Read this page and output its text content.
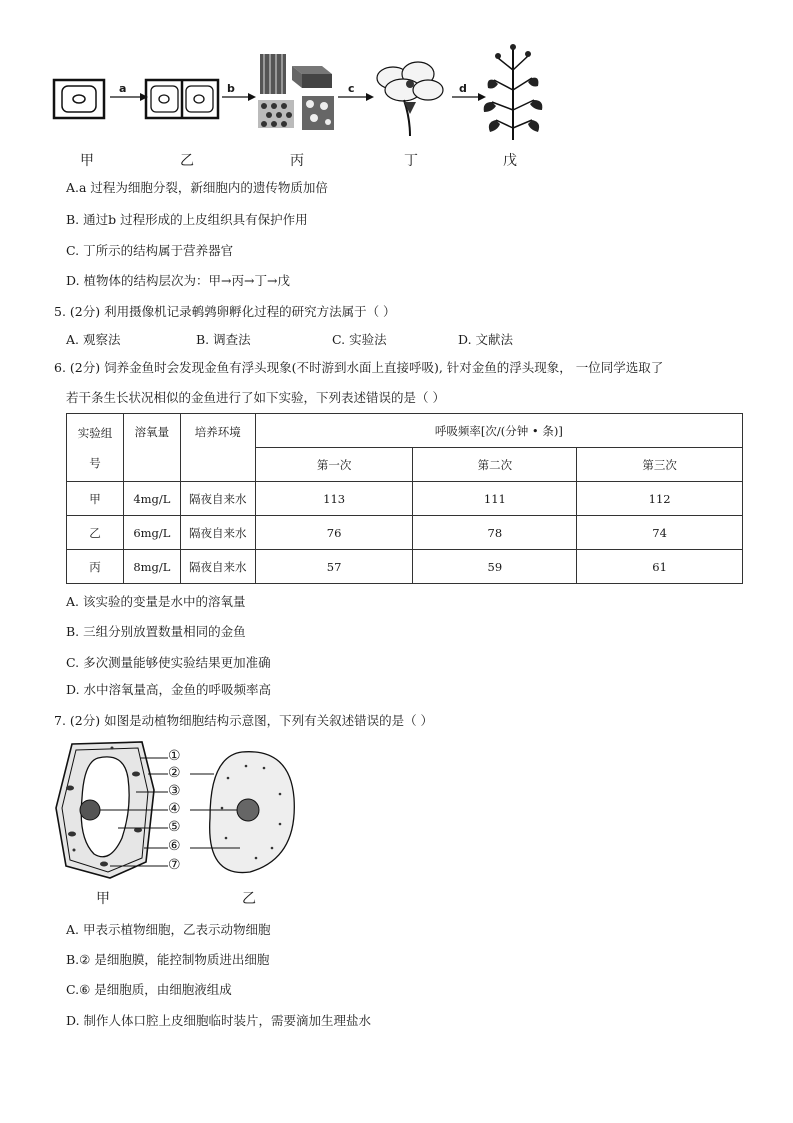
a	b	c	d
甲	乙	丙	丁	戊
A.a 过程为细胞分裂，新细胞内的遗传物质加倍
B. 通过b 过程形成的上皮组织具有保护作用
C. 丁所示的结构属于营养器官
D. 植物体的结构层次为：甲→丙→丁→戊
5. (2分) 利用摄像机记录鹌鹑卵孵化过程的研究方法属于（ ）
A. 观察法	B. 调查法	C. 实验法	D. 文献法
6. (2分) 饲养金鱼时会发现金鱼有浮头现象(不时游到水面上直接呼吸), 针对金鱼的浮头现象， 一位同学选取了
若干条生长状况相似的金鱼进行了如下实验，下列表述错误的是（ ）
实验组
号	溶氧量	培养环境	呼吸频率[次/(分钟 • 条)]		
			第一次	第二次	第三次
甲	4mg/L	隔夜自来水	113	111	112
乙	6mg/L	隔夜自来水	76	78	74
丙	8mg/L	隔夜自来水	57	59	61
A. 该实验的变量是水中的溶氧量
B. 三组分别放置数量相同的金鱼
C. 多次测量能够使实验结果更加准确
D. 水中溶氧量高，金鱼的呼吸频率高
7. (2分) 如图是动植物细胞结构示意图，下列有关叙述错误的是（ ）
①
②
③
④
⑤
⑥
⑦
甲	乙
A. 甲表示植物细胞，乙表示动物细胞
B.② 是细胞膜，能控制物质进出细胞
C.⑥ 是细胞质，由细胞液组成
D. 制作人体口腔上皮细胞临时装片，需要滴加生理盐水
